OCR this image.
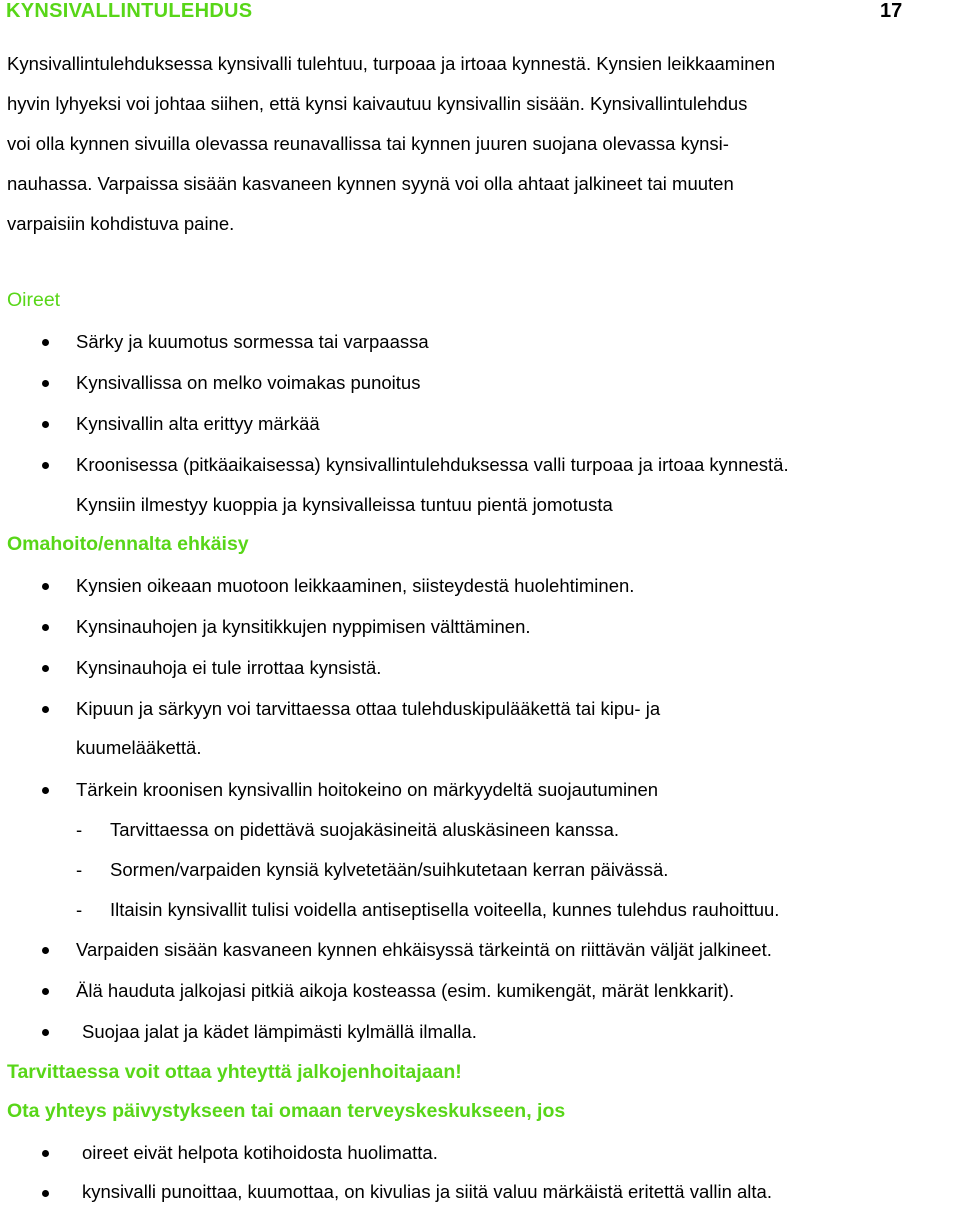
KYNSIVALLINTULEHDUS	17
Kynsivallintulehduksessa kynsivalli tulehtuu, turpoaa ja irtoaa kynnestä. Kynsien leikkaaminen
hyvin lyhyeksi voi johtaa siihen, että kynsi kaivautuu kynsivallin sisään. Kynsivallintulehdus
voi olla kynnen sivuilla olevassa reunavallissa tai kynnen juuren suojana olevassa kynsi-
nauhassa. Varpaissa sisään kasvaneen kynnen syynä voi olla ahtaat jalkineet tai muuten
varpaisiin kohdistuva paine.
Oireet
Särky ja kuumotus sormessa tai varpaassa
Kynsivallissa on melko voimakas punoitus
Kynsivallin alta erittyy märkää
Kroonisessa (pitkäaikaisessa) kynsivallintulehduksessa valli turpoaa ja irtoaa kynnestä.
Kynsiin ilmestyy kuoppia ja kynsivalleissa tuntuu pientä jomotusta
Omahoito/ennalta ehkäisy
Kynsien oikeaan muotoon leikkaaminen, siisteydestä huolehtiminen.
Kynsinauhojen ja kynsitikkujen nyppimisen välttäminen.
Kynsinauhoja ei tule irrottaa kynsistä.
Kipuun ja särkyyn voi tarvittaessa ottaa tulehduskipulääkettä tai kipu- ja
kuumelääkettä.
Tärkein kroonisen kynsivallin hoitokeino on märkyydeltä suojautuminen
- Tarvittaessa on pidettävä suojakäsineitä aluskäsineen kanssa.
- Sormen/varpaiden kynsiä kylvetetään/suihkutetaan kerran päivässä.
- Iltaisin kynsivallit tulisi voidella antiseptisella voiteella, kunnes tulehdus rauhoittuu.
Varpaiden sisään kasvaneen kynnen ehkäisyssä tärkeintä on riittävän väljät jalkineet.
Älä hauduta jalkojasi pitkiä aikoja kosteassa (esim. kumikengät, märät lenkkarit).
Suojaa jalat ja kädet lämpimästi kylmällä ilmalla.
Tarvittaessa voit ottaa yhteyttä jalkojenhoitajaan!
Ota yhteys päivystykseen tai omaan terveyskeskukseen, jos
oireet eivät helpota kotihoidosta huolimatta.
kynsivalli punoittaa, kuumottaa, on kivulias ja siitä valuu märkäistä eritettä vallin alta.
